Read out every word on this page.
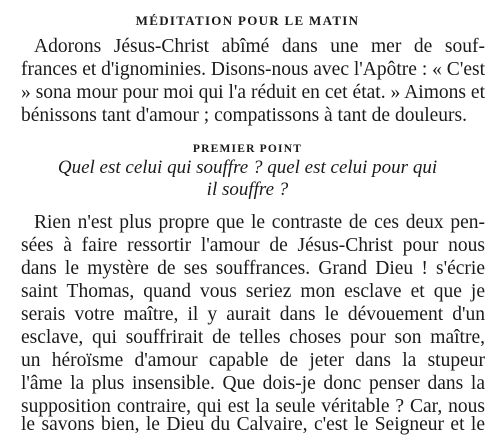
MÉDITATION POUR LE MATIN
Adorons Jésus-Christ abîmé dans une mer de souf-
frances et d'ignominies. Disons-nous avec l'Apôtre : « C'est
» sona mour pour moi qui l'a réduit en cet état. » Aimons et
bénissons tant d'amour ; compatissons à tant de douleurs.
PREMIER POINT
Quel est celui qui souffre ? quel est celui pour qui
il souffre ?
Rien n'est plus propre que le contraste de ces deux pen-
sées à faire ressortir l'amour de Jésus-Christ pour nous
dans le mystère de ses souffrances. Grand Dieu ! s'écrie
saint Thomas, quand vous seriez mon esclave et que je
serais votre maître, il y aurait dans le dévouement d'un
esclave, qui souffrirait de telles choses pour son maître,
un héroïsme d'amour capable de jeter dans la stupeur
l'âme la plus insensible. Que dois-je donc penser dans la
supposition contraire, qui est la seule véritable ? Car, nous
le savons bien, le Dieu du Calvaire, c'est le Seigneur et le
